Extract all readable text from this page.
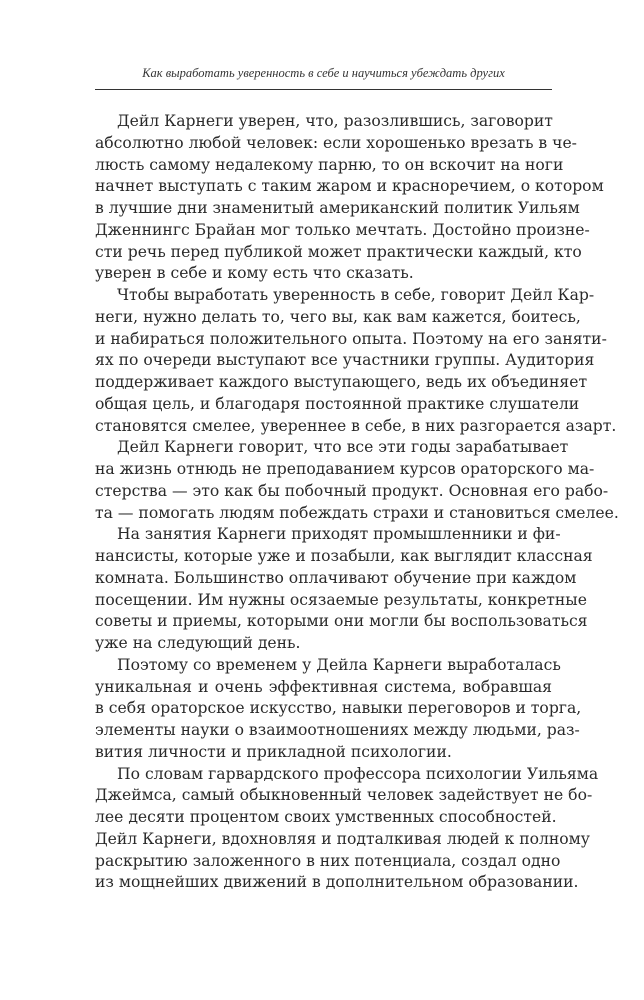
Как выработать уверенность в себе и научиться убеждать других
Дейл Карнеги уверен, что, разозлившись, заговорит
абсолютно любой человек: если хорошенько врезать в че-
люсть самому недалекому парню, то он вскочит на ноги
начнет выступать с таким жаром и красноречием, о котором
в лучшие дни знаменитый американский политик Уильям
Дженнингс Брайан мог только мечтать. Достойно произне-
сти речь перед публикой может практически каждый, кто
уверен в себе и кому есть что сказать.
Чтобы выработать уверенность в себе, говорит Дейл Кар-
неги, нужно делать то, чего вы, как вам кажется, боитесь,
и набираться положительного опыта. Поэтому на его заняти-
ях по очереди выступают все участники группы. Аудитория
поддерживает каждого выступающего, ведь их объединяет
общая цель, и благодаря постоянной практике слушатели
становятся смелее, увереннее в себе, в них разгорается азарт.
Дейл Карнеги говорит, что все эти годы зарабатывает
на жизнь отнюдь не преподаванием курсов ораторского ма-
стерства — это как бы побочный продукт. Основная его рабо-
та — помогать людям побеждать страхи и становиться смелее.
На занятия Карнеги приходят промышленники и фи-
нансисты, которые уже и позабыли, как выглядит классная
комната. Большинство оплачивают обучение при каждом
посещении. Им нужны осязаемые результаты, конкретные
советы и приемы, которыми они могли бы воспользоваться
уже на следующий день.
Поэтому со временем у Дейла Карнеги выработалась
уникальная и очень эффективная система, вобравшая
в себя ораторское искусство, навыки переговоров и торга,
элементы науки о взаимоотношениях между людьми, раз-
вития личности и прикладной психологии.
По словам гарвардского профессора психологии Уильяма
Джеймса, самый обыкновенный человек задействует не бо-
лее десяти процентом своих умственных способностей.
Дейл Карнеги, вдохновляя и подталкивая людей к полному
раскрытию заложенного в них потенциала, создал одно
из мощнейших движений в дополнительном образовании.
